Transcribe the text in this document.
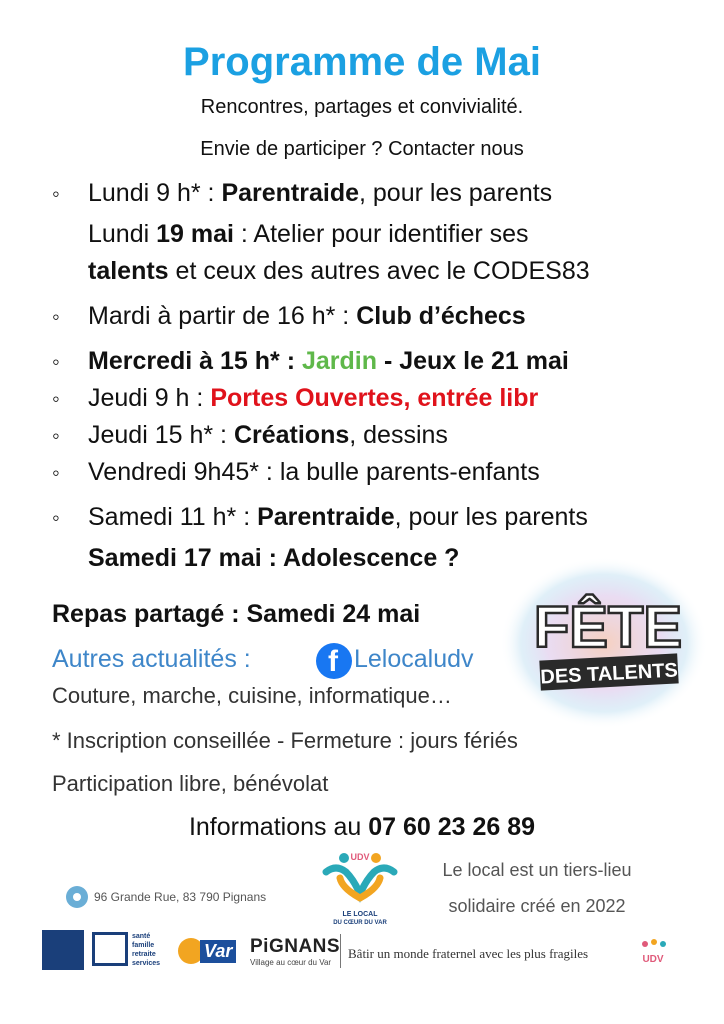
Programme de Mai
Rencontres, partages et convivialité.
Envie de participer ? Contacter nous
◦ Lundi 9 h* : Parentraide, pour les parents
Lundi 19 mai : Atelier pour identifier ses
talents et ceux des autres avec le CODES83
◦ Mardi à partir de 16 h* : Club d’échecs
◦ Mercredi à 15 h* : Jardin - Jeux le 21 mai
◦ Jeudi 9 h : Portes Ouvertes, entrée libr
◦ Jeudi 15 h* : Créations, dessins
◦ Vendredi 9h45* : la bulle parents-enfants
◦ Samedi 11 h* : Parentraide, pour les parents
Samedi 17 mai : Adolescence ?
Repas partagé : Samedi 24 mai
Autres actualités :	f Lelocaludv
Couture, marche, cuisine, informatique…
* Inscription conseillée - Fermeture : jours fériés
Participation libre, bénévolat
FÊTE
DES TALENTS
Informations au 07 60 23 26 89
96 Grande Rue, 83 790 Pignans
UDV
LE LOCAL
DU CŒUR DU VAR
Le local est un tiers-lieu
solidaire créé en 2022
santé
famille
retraite
services
Var PiGNANS
Village au cœur du Var
Bâtir un monde fraternel avec les plus fragiles	UDV
